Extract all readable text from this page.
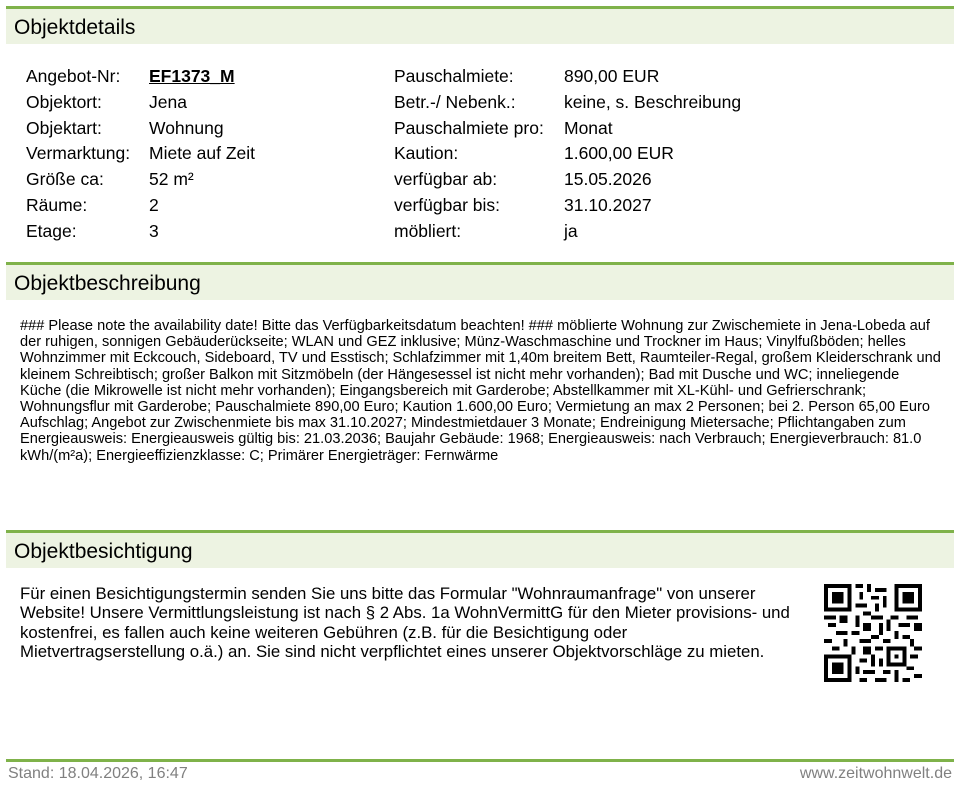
Objektdetails
Angebot-Nr:	EF1373_M
Objektort:	Jena
Objektart:	Wohnung
Vermarktung:	Miete auf Zeit
Größe ca:	52 m²
Räume:	2
Etage:	3
Pauschalmiete:	890,00 EUR
Betr.-/ Nebenk.:	keine, s. Beschreibung
Pauschalmiete pro:	Monat
Kaution:	1.600,00 EUR
verfügbar ab:	15.05.2026
verfügbar bis:	31.10.2027
möbliert:	ja
Objektbeschreibung
### Please note the availability date! Bitte das Verfügbarkeitsdatum beachten! ### möblierte Wohnung zur Zwischemiete in Jena-Lobeda auf der ruhigen, sonnigen Gebäuderückseite; WLAN und GEZ inklusive; Münz-Waschmaschine und Trockner im Haus; Vinylfußböden; helles Wohnzimmer mit Eckcouch, Sideboard, TV und Esstisch; Schlafzimmer mit 1,40m breitem Bett, Raumteiler-Regal, großem Kleiderschrank und kleinem Schreibtisch; großer Balkon mit Sitzmöbeln (der Hängesessel ist nicht mehr vorhanden); Bad mit Dusche und WC; inneliegende Küche (die Mikrowelle ist nicht mehr vorhanden); Eingangsbereich mit Garderobe; Abstellkammer mit XL-Kühl- und Gefrierschrank; Wohnungsflur mit Garderobe; Pauschalmiete 890,00 Euro; Kaution 1.600,00 Euro; Vermietung an max 2 Personen; bei 2. Person 65,00 Euro Aufschlag; Angebot zur Zwischenmiete bis max 31.10.2027; Mindestmietdauer 3 Monate; Endreinigung Mietersache; Pflichtangaben zum Energieausweis: Energieausweis gültig bis: 21.03.2036; Baujahr Gebäude: 1968; Energieausweis: nach Verbrauch; Energieverbrauch: 81.0 kWh/(m²a); Energieeffizienzklasse: C; Primärer Energieträger: Fernwärme
Objektbesichtigung
Für einen Besichtigungstermin senden Sie uns bitte das Formular "Wohnraumanfrage" von unserer Website! Unsere Vermittlungsleistung ist nach § 2 Abs. 1a WohnVermittG für den Mieter provisions- und kostenfrei, es fallen auch keine weiteren Gebühren (z.B. für die Besichtigung oder Mietvertragserstellung o.ä.) an. Sie sind nicht verpflichtet eines unserer Objektvorschläge zu mieten.
Stand: 18.04.2026, 16:47	www.zeitwohnwelt.de
